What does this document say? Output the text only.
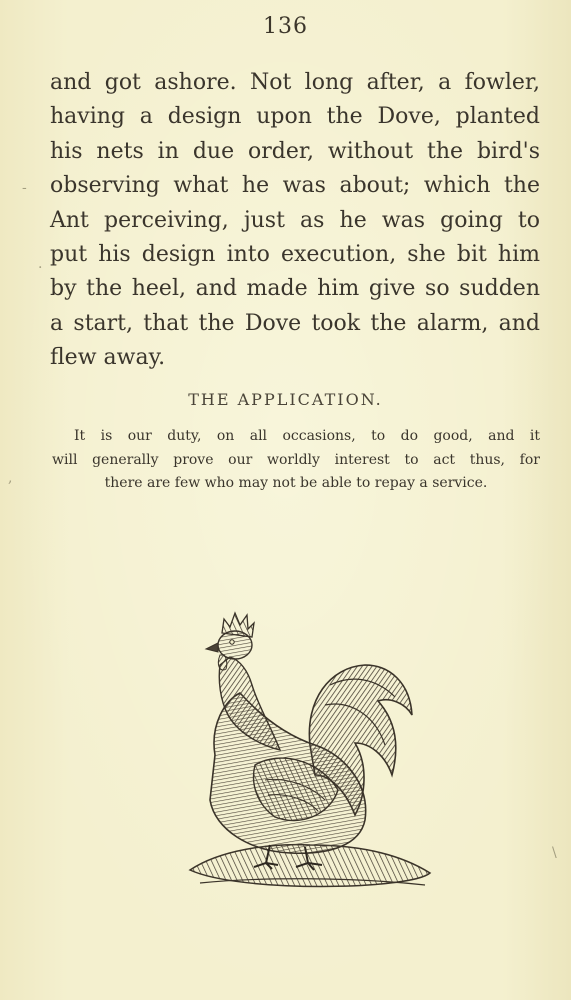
136
and got ashore. Not long after, a fowler,
having a design upon the Dove, planted
his nets in due order, without the bird's
observing what he was about; which the
Ant perceiving, just as he was going to
put his design into execution, she bit him
by the heel, and made him give so sudden
a start, that the Dove took the alarm, and
flew away.
THE APPLICATION.
It is our duty, on all occasions, to do good, and it
will generally prove our worldly interest to act thus, for
there are few who may not be able to repay a service.
-
.
,
\
